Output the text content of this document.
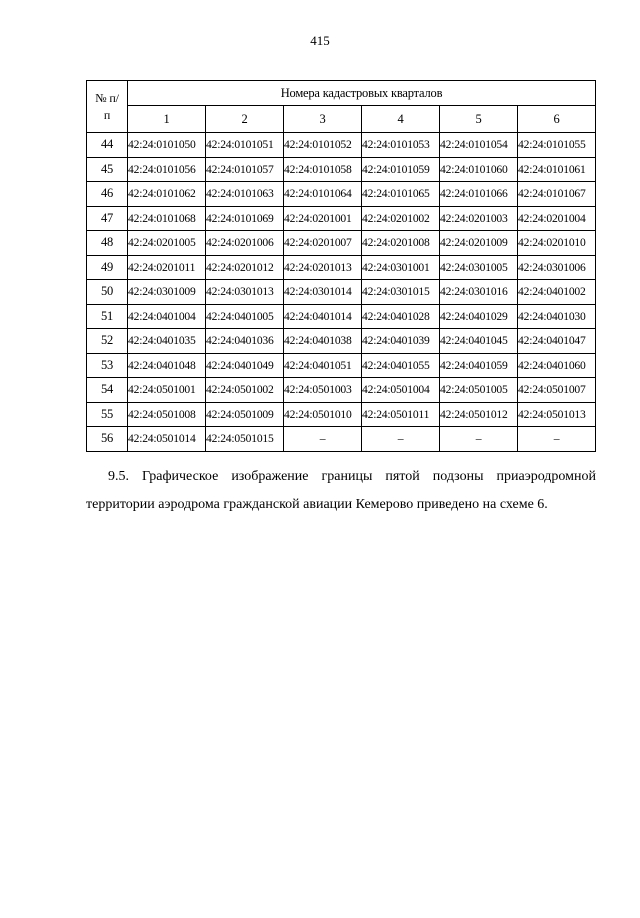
415
№ п/п	Номера кадастровых кварталов					
	1	2	3	4	5	6
44	42:24:0101050	42:24:0101051	42:24:0101052	42:24:0101053	42:24:0101054	42:24:0101055
45	42:24:0101056	42:24:0101057	42:24:0101058	42:24:0101059	42:24:0101060	42:24:0101061
46	42:24:0101062	42:24:0101063	42:24:0101064	42:24:0101065	42:24:0101066	42:24:0101067
47	42:24:0101068	42:24:0101069	42:24:0201001	42:24:0201002	42:24:0201003	42:24:0201004
48	42:24:0201005	42:24:0201006	42:24:0201007	42:24:0201008	42:24:0201009	42:24:0201010
49	42:24:0201011	42:24:0201012	42:24:0201013	42:24:0301001	42:24:0301005	42:24:0301006
50	42:24:0301009	42:24:0301013	42:24:0301014	42:24:0301015	42:24:0301016	42:24:0401002
51	42:24:0401004	42:24:0401005	42:24:0401014	42:24:0401028	42:24:0401029	42:24:0401030
52	42:24:0401035	42:24:0401036	42:24:0401038	42:24:0401039	42:24:0401045	42:24:0401047
53	42:24:0401048	42:24:0401049	42:24:0401051	42:24:0401055	42:24:0401059	42:24:0401060
54	42:24:0501001	42:24:0501002	42:24:0501003	42:24:0501004	42:24:0501005	42:24:0501007
55	42:24:0501008	42:24:0501009	42:24:0501010	42:24:0501011	42:24:0501012	42:24:0501013
56	42:24:0501014	42:24:0501015	–	–	–	–
9.5. Графическое изображение границы пятой подзоны приаэродромной
территории аэродрома гражданской авиации Кемерово приведено на схеме 6.
